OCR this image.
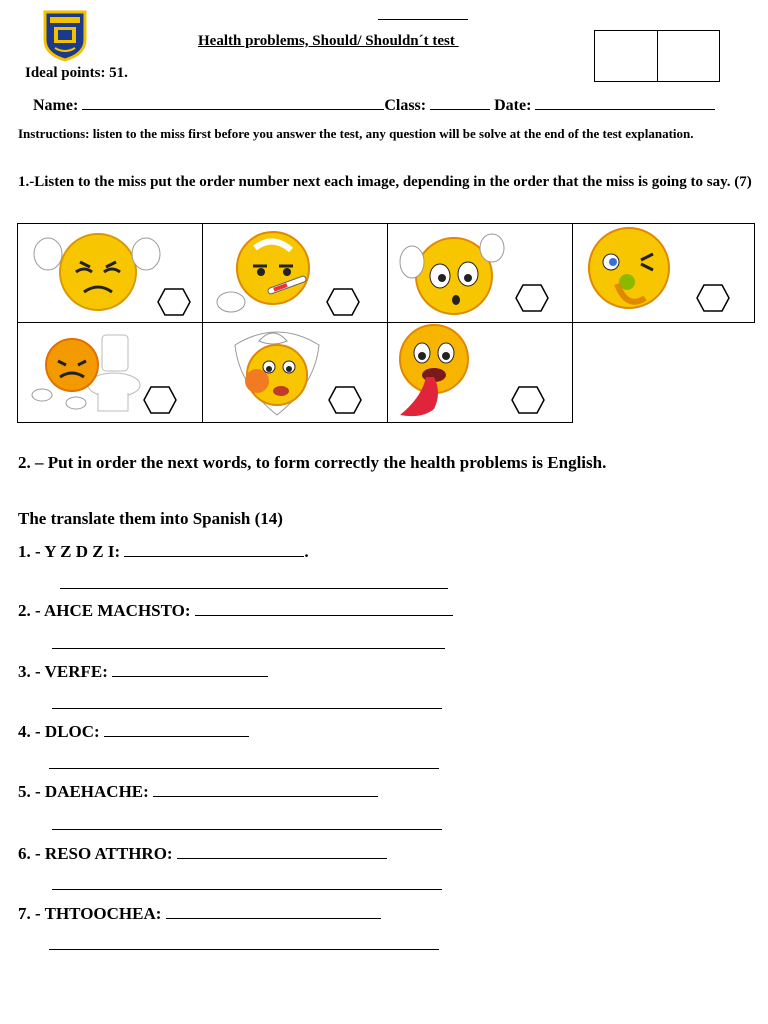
Health problems, Should/ Shouldn´t test
Ideal points: 51.
Name:	Class:	Date:
Instructions: listen to the miss first before you answer the test, any question will be solve at the end of the test explanation.
1.-Listen to the miss put the order number next each image, depending in the order that the miss is going to say. (7)
2. – Put in order the next words, to form correctly the health problems is English.
The translate them into Spanish (14)
1. - Y Z D Z I:	.
2. - AHCE MACHSTO:
3. - VERFE:
4. - DLOC:
5. - DAEHACHE:
6. - RESO ATTHRO:
7. - THTOOCHEA:
